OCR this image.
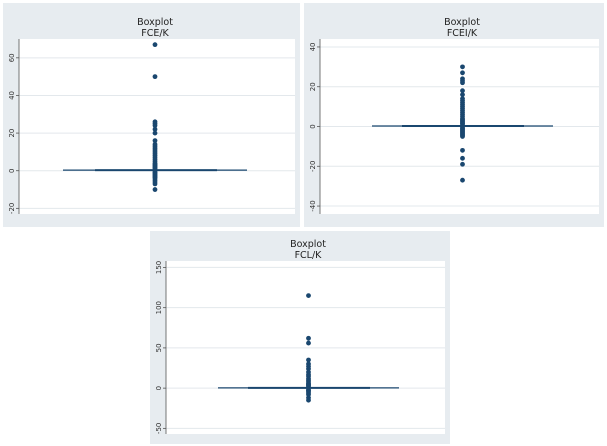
Boxplot
FCE/K
-20
0
20
40
60
Boxplot
FCEI/K
-40
-20
0
20
40
Boxplot
FCL/K
-50
0
50
100
150
